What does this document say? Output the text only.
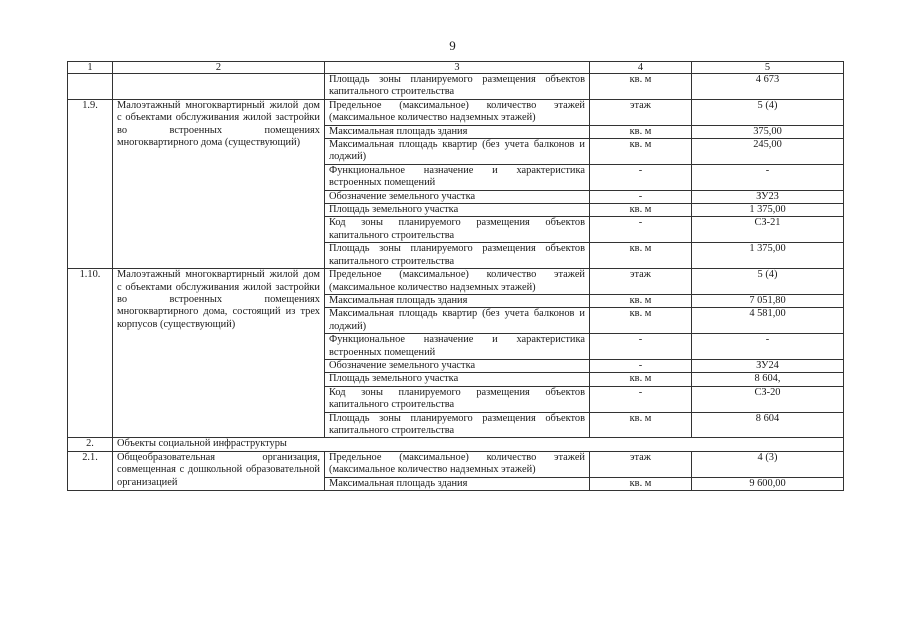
9
1	2	3	4	5
		Площадь зоны планируемого размещения объектов капитального строительства	кв. м	4 673
1.9.	Малоэтажный многоквартирный жилой дом с объектами обслуживания жилой застройки во встроенных помещениях многоквартирного дома (существующий)	Предельное (максимальное) количество этажей (максимальное количество надземных этажей)	этаж	5 (4)
		Максимальная площадь здания	кв. м	375,00
		Максимальная площадь квартир (без учета балконов и лоджий)	кв. м	245,00
		Функциональное назначение и характеристика встроенных помещений	-	-
		Обозначение земельного участка	-	ЗУ23
		Площадь земельного участка	кв. м	1 375,00
		Код зоны планируемого размещения объектов капитального строительства	-	СЗ-21
		Площадь зоны планируемого размещения объектов капитального строительства	кв. м	1 375,00
1.10.	Малоэтажный многоквартирный жилой дом с объектами обслуживания жилой застройки во встроенных помещениях многоквартирного дома, состоящий из трех корпусов (существующий)	Предельное (максимальное) количество этажей (максимальное количество надземных этажей)	этаж	5 (4)
		Максимальная площадь здания	кв. м	7 051,80
		Максимальная площадь квартир (без учета балконов и лоджий)	кв. м	4 581,00
		Функциональное назначение и характеристика встроенных помещений	-	-
		Обозначение земельного участка	-	ЗУ24
		Площадь земельного участка	кв. м	8 604,
		Код зоны планируемого размещения объектов капитального строительства	-	СЗ-20
		Площадь зоны планируемого размещения объектов капитального строительства	кв. м	8 604
2.	Объекты социальной инфраструктуры			
2.1.	Общеобразовательная организация, совмещенная с дошкольной образовательной организацией	Предельное (максимальное) количество этажей (максимальное количество надземных этажей)	этаж	4 (3)
		Максимальная площадь здания	кв. м	9 600,00
